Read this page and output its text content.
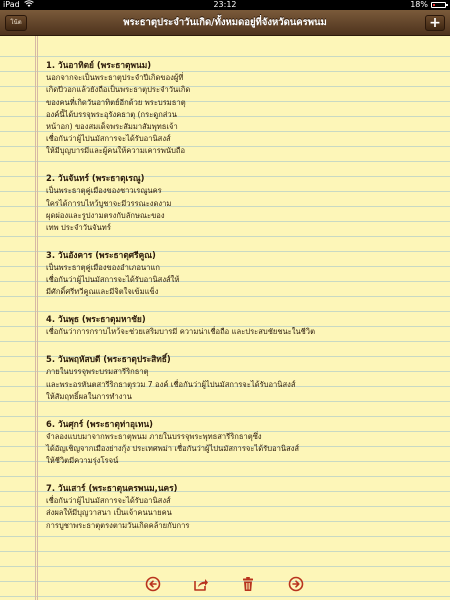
iPad	23:12	18%
โน้ต	พระธาตุประจำวันเกิด/ทั้งหมดอยู่ที่จังหวัดนครพนม	+
1. วันอาทิตย์ (พระธาตุพนม)
นอกจากจะเป็นพระธาตุประจำปีเกิดของผู้ที่
เกิดปีวอกแล้วยังถือเป็นพระธาตุประจำวันเกิด
ของคนที่เกิดวันอาทิตย์อีกด้วย พระบรมธาตุ
องค์นี้ได้บรรจุพระอุรังคธาตุ (กระดูกส่วน
หน้าอก) ของสมเด็จพระสัมมาสัมพุทธเจ้า
เชื่อกันว่าผู้ไปนมัสการจะได้รับอานิสงส์
ให้มีบุญบารมีและผู้คนให้ความเคารพนับถือ
2. วันจันทร์ (พระธาตุเรณู)
เป็นพระธาตุคู่เมืองของชาวเรณูนคร
ใครได้การบไหว้บูชาจะมีวรรณะงดงาม
ผุดผ่องและรูปงามตรงกับลักษณะของ
เทพ ประจำวันจันทร์
3. วันอังคาร (พระธาตุศรีคูณ)
เป็นพระธาตุคู่เมืองของอำเภอนาแก
เชื่อกันว่าผู้ไปนมัสการจะได้รับอานิสงส์ให้
มีศักดิ์ศรีทวีคูณและมีจิตใจเข้มแข็ง
4. วันพุธ (พระธาตุมหาชัย)
เชื่อกันว่าการกราบไหว้จะช่วยเสริมบารมี ความน่าเชื่อถือ และประสบชัยชนะในชีวิต
5. วันพฤหัสบดี (พระธาตุประสิทธิ์)
ภายในบรรจุพระบรมสารีริกธาตุ
และพระอรหันตสารีริกธาตุรวม 7 องค์ เชื่อกันว่าผู้ไปนมัสการจะได้รับอานิสงส์
ให้สัมฤทธิ์ผลในการทำงาน
6. วันศุกร์ (พระธาตุท่าอุเทน)
จำลองแบบมาจากพระธาตุพนม ภายในบรรจุพระพุทธสารีริกธาตุซึ่ง
ได้อัญเชิญจากเมืองย่างกุ้ง ประเทศพม่า เชื่อกันว่าผู้ไปนมัสการจะได้รับอานิสงส์
ให้ชีวิตมีความรุ่งโรจน์
7. วันเสาร์ (พระธาตุนครพนม,นคร)
เชื่อกันว่าผู้ไปนมัสการจะได้รับอานิสงส์
ส่งผลให้มีบุญวาสนา เป็นเจ้าคนนายคน
การบูชาพระธาตุตรงตามวันเกิดคล้ายกับการ
